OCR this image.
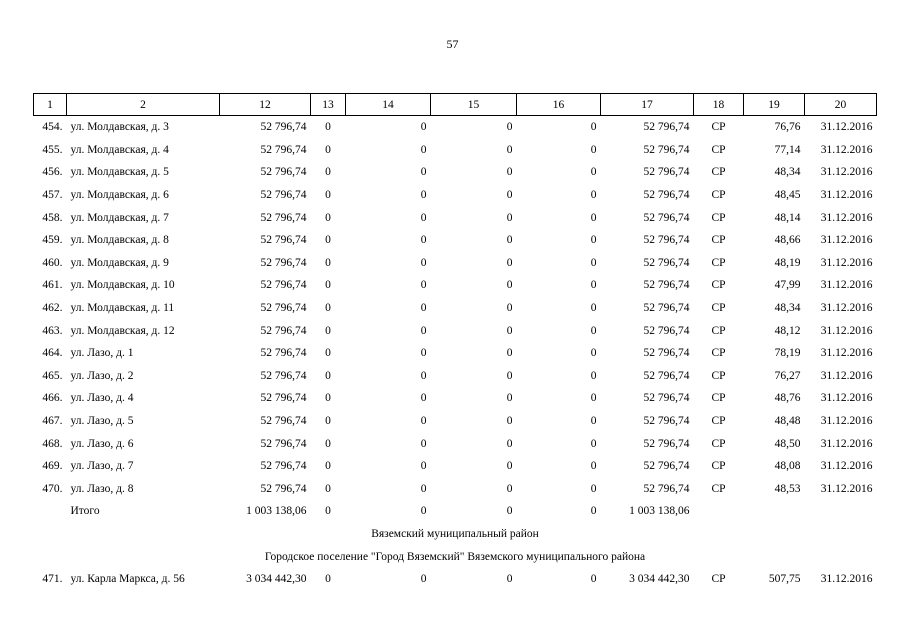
57
1	2	12	13	14	15	16	17	18	19	20
454.	ул. Молдавская, д. 3	52 796,74	0	0	0	0	52 796,74	СР	76,76	31.12.2016
455.	ул. Молдавская, д. 4	52 796,74	0	0	0	0	52 796,74	СР	77,14	31.12.2016
456.	ул. Молдавская, д. 5	52 796,74	0	0	0	0	52 796,74	СР	48,34	31.12.2016
457.	ул. Молдавская, д. 6	52 796,74	0	0	0	0	52 796,74	СР	48,45	31.12.2016
458.	ул. Молдавская, д. 7	52 796,74	0	0	0	0	52 796,74	СР	48,14	31.12.2016
459.	ул. Молдавская, д. 8	52 796,74	0	0	0	0	52 796,74	СР	48,66	31.12.2016
460.	ул. Молдавская, д. 9	52 796,74	0	0	0	0	52 796,74	СР	48,19	31.12.2016
461.	ул. Молдавская, д. 10	52 796,74	0	0	0	0	52 796,74	СР	47,99	31.12.2016
462.	ул. Молдавская, д. 11	52 796,74	0	0	0	0	52 796,74	СР	48,34	31.12.2016
463.	ул. Молдавская, д. 12	52 796,74	0	0	0	0	52 796,74	СР	48,12	31.12.2016
464.	ул. Лазо, д. 1	52 796,74	0	0	0	0	52 796,74	СР	78,19	31.12.2016
465.	ул. Лазо, д. 2	52 796,74	0	0	0	0	52 796,74	СР	76,27	31.12.2016
466.	ул. Лазо, д. 4	52 796,74	0	0	0	0	52 796,74	СР	48,76	31.12.2016
467.	ул. Лазо, д. 5	52 796,74	0	0	0	0	52 796,74	СР	48,48	31.12.2016
468.	ул. Лазо, д. 6	52 796,74	0	0	0	0	52 796,74	СР	48,50	31.12.2016
469.	ул. Лазо, д. 7	52 796,74	0	0	0	0	52 796,74	СР	48,08	31.12.2016
470.	ул. Лазо, д. 8	52 796,74	0	0	0	0	52 796,74	СР	48,53	31.12.2016
	Итого	1 003 138,06	0	0	0	0	1 003 138,06			
Вяземский муниципальный район										
Городское поселение "Город Вяземский" Вяземского муниципального района										
471.	ул. Карла Маркса, д. 56	3 034 442,30	0	0	0	0	3 034 442,30	СР	507,75	31.12.2016
